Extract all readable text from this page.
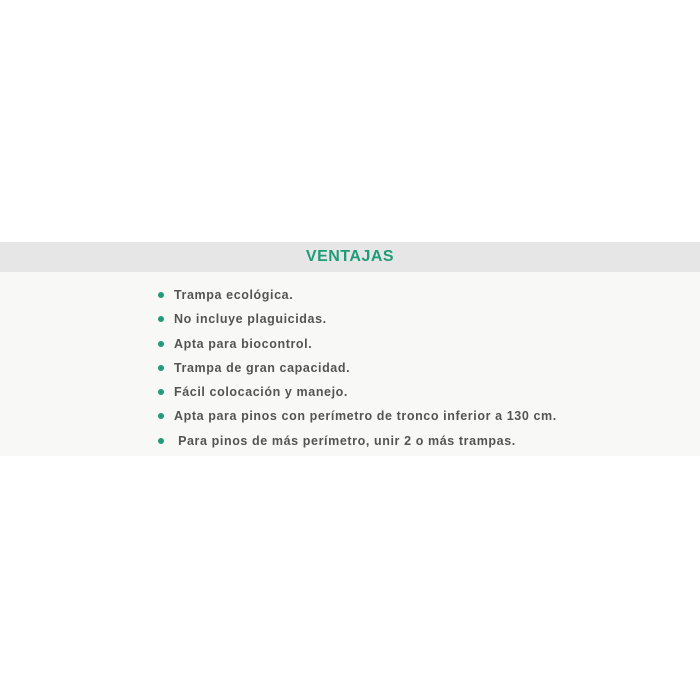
VENTAJAS
Trampa ecológica.
No incluye plaguicidas.
Apta para biocontrol.
Trampa de gran capacidad.
Fácil colocación y manejo.
Apta para pinos con perímetro de tronco inferior a 130 cm.
Para pinos de más perímetro, unir 2 o más trampas.
